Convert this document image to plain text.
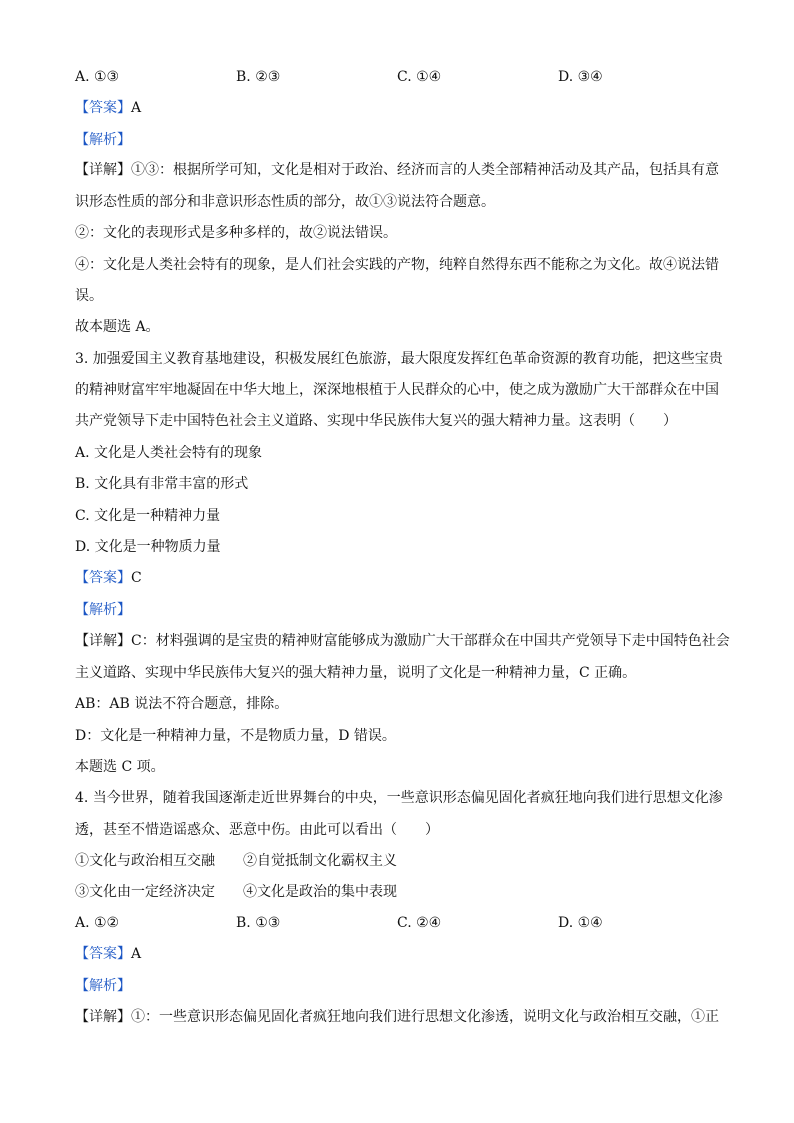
A. ①③	B. ②③	C. ①④	D. ③④
【答案】A
【解析】
【详解】①③：根据所学可知，文化是相对于政治、经济而言的人类全部精神活动及其产品，包括具有意
识形态性质的部分和非意识形态性质的部分，故①③说法符合题意。
②：文化的表现形式是多种多样的，故②说法错误。
④：文化是人类社会特有的现象，是人们社会实践的产物，纯粹自然得东西不能称之为文化。故④说法错
误。
故本题选 A。
3. 加强爱国主义教育基地建设，积极发展红色旅游，最大限度发挥红色革命资源的教育功能，把这些宝贵
的精神财富牢牢地凝固在中华大地上，深深地根植于人民群众的心中，使之成为激励广大干部群众在中国
共产党领导下走中国特色社会主义道路、实现中华民族伟大复兴的强大精神力量。这表明（　　）
A. 文化是人类社会特有的现象
B. 文化具有非常丰富的形式
C. 文化是一种精神力量
D. 文化是一种物质力量
【答案】C
【解析】
【详解】C：材料强调的是宝贵的精神财富能够成为激励广大干部群众在中国共产党领导下走中国特色社会
主义道路、实现中华民族伟大复兴的强大精神力量，说明了文化是一种精神力量，C 正确。
AB：AB 说法不符合题意，排除。
D：文化是一种精神力量，不是物质力量，D 错误。
本题选 C 项。
4. 当今世界，随着我国逐渐走近世界舞台的中央，一些意识形态偏见固化者疯狂地向我们进行思想文化渗
透，甚至不惜造谣惑众、恶意中伤。由此可以看出（　　）
①文化与政治相互交融 ②自觉抵制文化霸权主义
③文化由一定经济决定 ④文化是政治的集中表现
A. ①②	B. ①③	C. ②④	D. ①④
【答案】A
【解析】
【详解】①：一些意识形态偏见固化者疯狂地向我们进行思想文化渗透，说明文化与政治相互交融，①正
